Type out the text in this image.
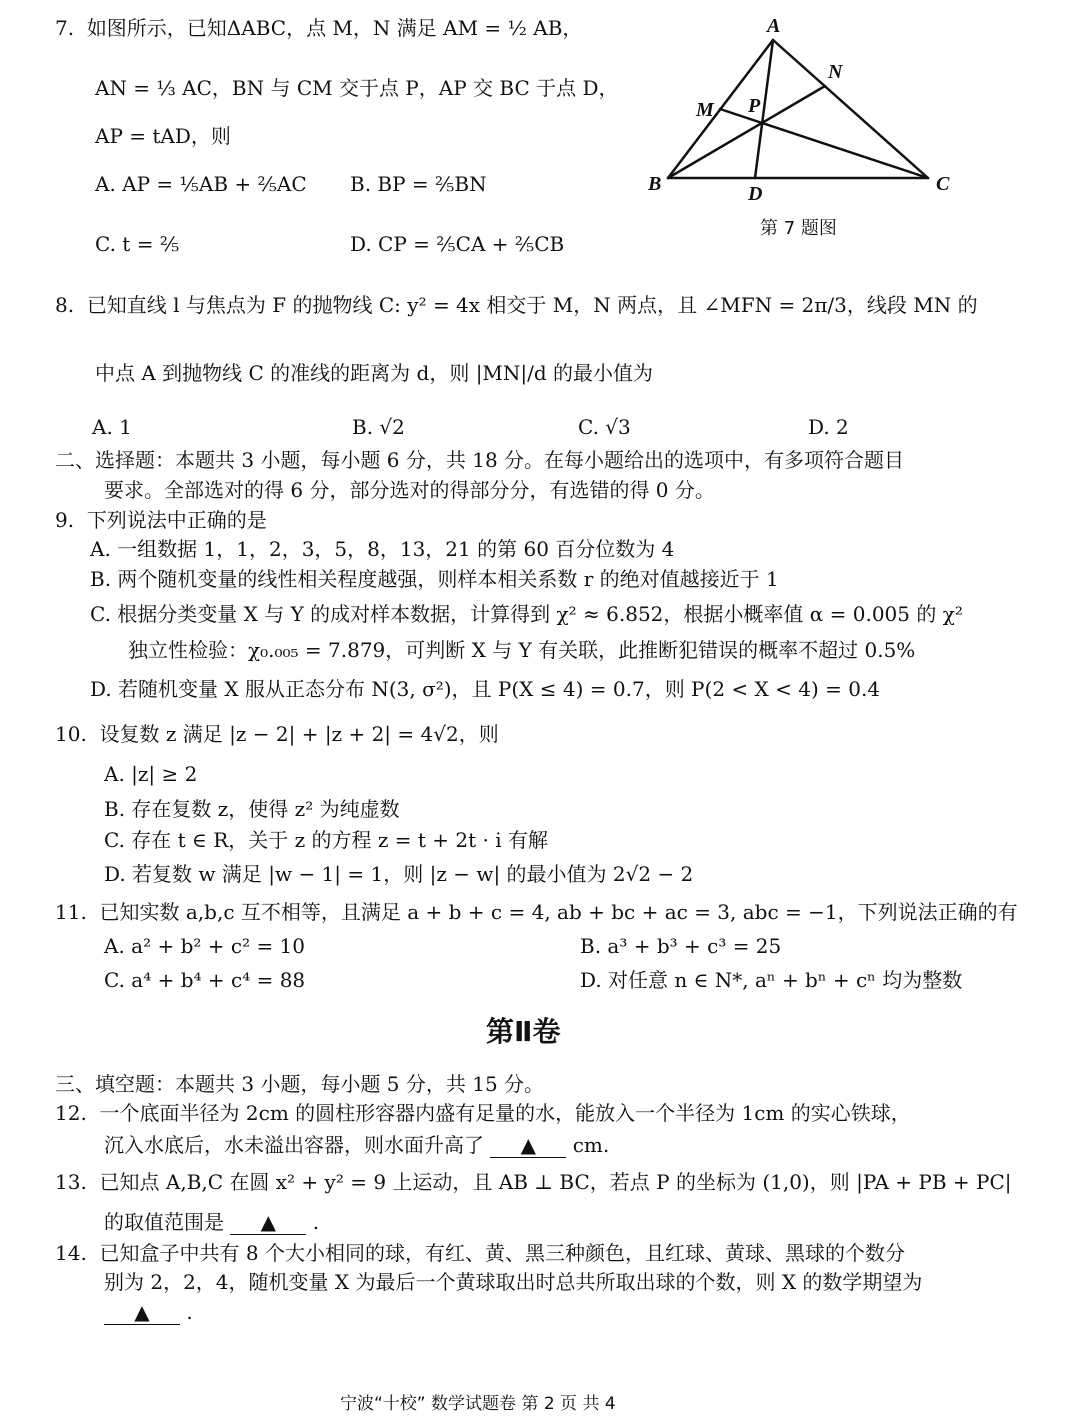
7. 如图所示，已知ΔABC，点 M，N 满足 AM = ½ AB，
AN = ⅓ AC，BN 与 CM 交于点 P，AP 交 BC 于点 D，
AP = tAD，则
A. AP = ⅕AB + ⅖AC B. BP = ⅖BN
C. t = ⅖	D. CP = ⅖CA + ⅖CB
A
N
M P
B	D	C
第 7 题图
8. 已知直线 l 与焦点为 F 的抛物线 C: y² = 4x 相交于 M，N 两点，且 ∠MFN = 2π/3，线段 MN 的
中点 A 到抛物线 C 的准线的距离为 d，则 |MN|/d 的最小值为
A. 1	B. √2	C. √3	D. 2
二、选择题：本题共 3 小题，每小题 6 分，共 18 分。在每小题给出的选项中，有多项符合题目
要求。全部选对的得 6 分，部分选对的得部分分，有选错的得 0 分。
9. 下列说法中正确的是
A. 一组数据 1，1，2，3，5，8，13，21 的第 60 百分位数为 4
B. 两个随机变量的线性相关程度越强，则样本相关系数 r 的绝对值越接近于 1
C. 根据分类变量 X 与 Y 的成对样本数据，计算得到 χ² ≈ 6.852，根据小概率值 α = 0.005 的 χ²
独立性检验：χ₀.₀₀₅ = 7.879，可判断 X 与 Y 有关联，此推断犯错误的概率不超过 0.5%
D. 若随机变量 X 服从正态分布 N(3, σ²)，且 P(X ≤ 4) = 0.7，则 P(2 < X < 4) = 0.4
10. 设复数 z 满足 |z − 2| + |z + 2| = 4√2，则
A. |z| ≥ 2
B. 存在复数 z，使得 z² 为纯虚数
C. 存在 t ∈ R，关于 z 的方程 z = t + 2t · i 有解
D. 若复数 w 满足 |w − 1| = 1，则 |z − w| 的最小值为 2√2 − 2
11. 已知实数 a,b,c 互不相等，且满足 a + b + c = 4, ab + bc + ac = 3, abc = −1，下列说法正确的有
A. a² + b² + c² = 10	B. a³ + b³ + c³ = 25
C. a⁴ + b⁴ + c⁴ = 88	D. 对任意 n ∈ N*, aⁿ + bⁿ + cⁿ 均为整数
第Ⅱ卷
三、填空题：本题共 3 小题，每小题 5 分，共 15 分。
12. 一个底面半径为 2cm 的圆柱形容器内盛有足量的水，能放入一个半径为 1cm 的实心铁球，
沉入水底后，水未溢出容器，则水面升高了 ▲ cm.
13. 已知点 A,B,C 在圆 x² + y² = 9 上运动，且 AB ⊥ BC，若点 P 的坐标为 (1,0)，则 |PA + PB + PC|
的取值范围是 ▲ .
14. 已知盒子中共有 8 个大小相同的球，有红、黄、黑三种颜色，且红球、黄球、黑球的个数分
别为 2，2，4，随机变量 X 为最后一个黄球取出时总共所取出球的个数，则 X 的数学期望为
▲ .
宁波“十校” 数学试题卷 第 2 页 共 4
